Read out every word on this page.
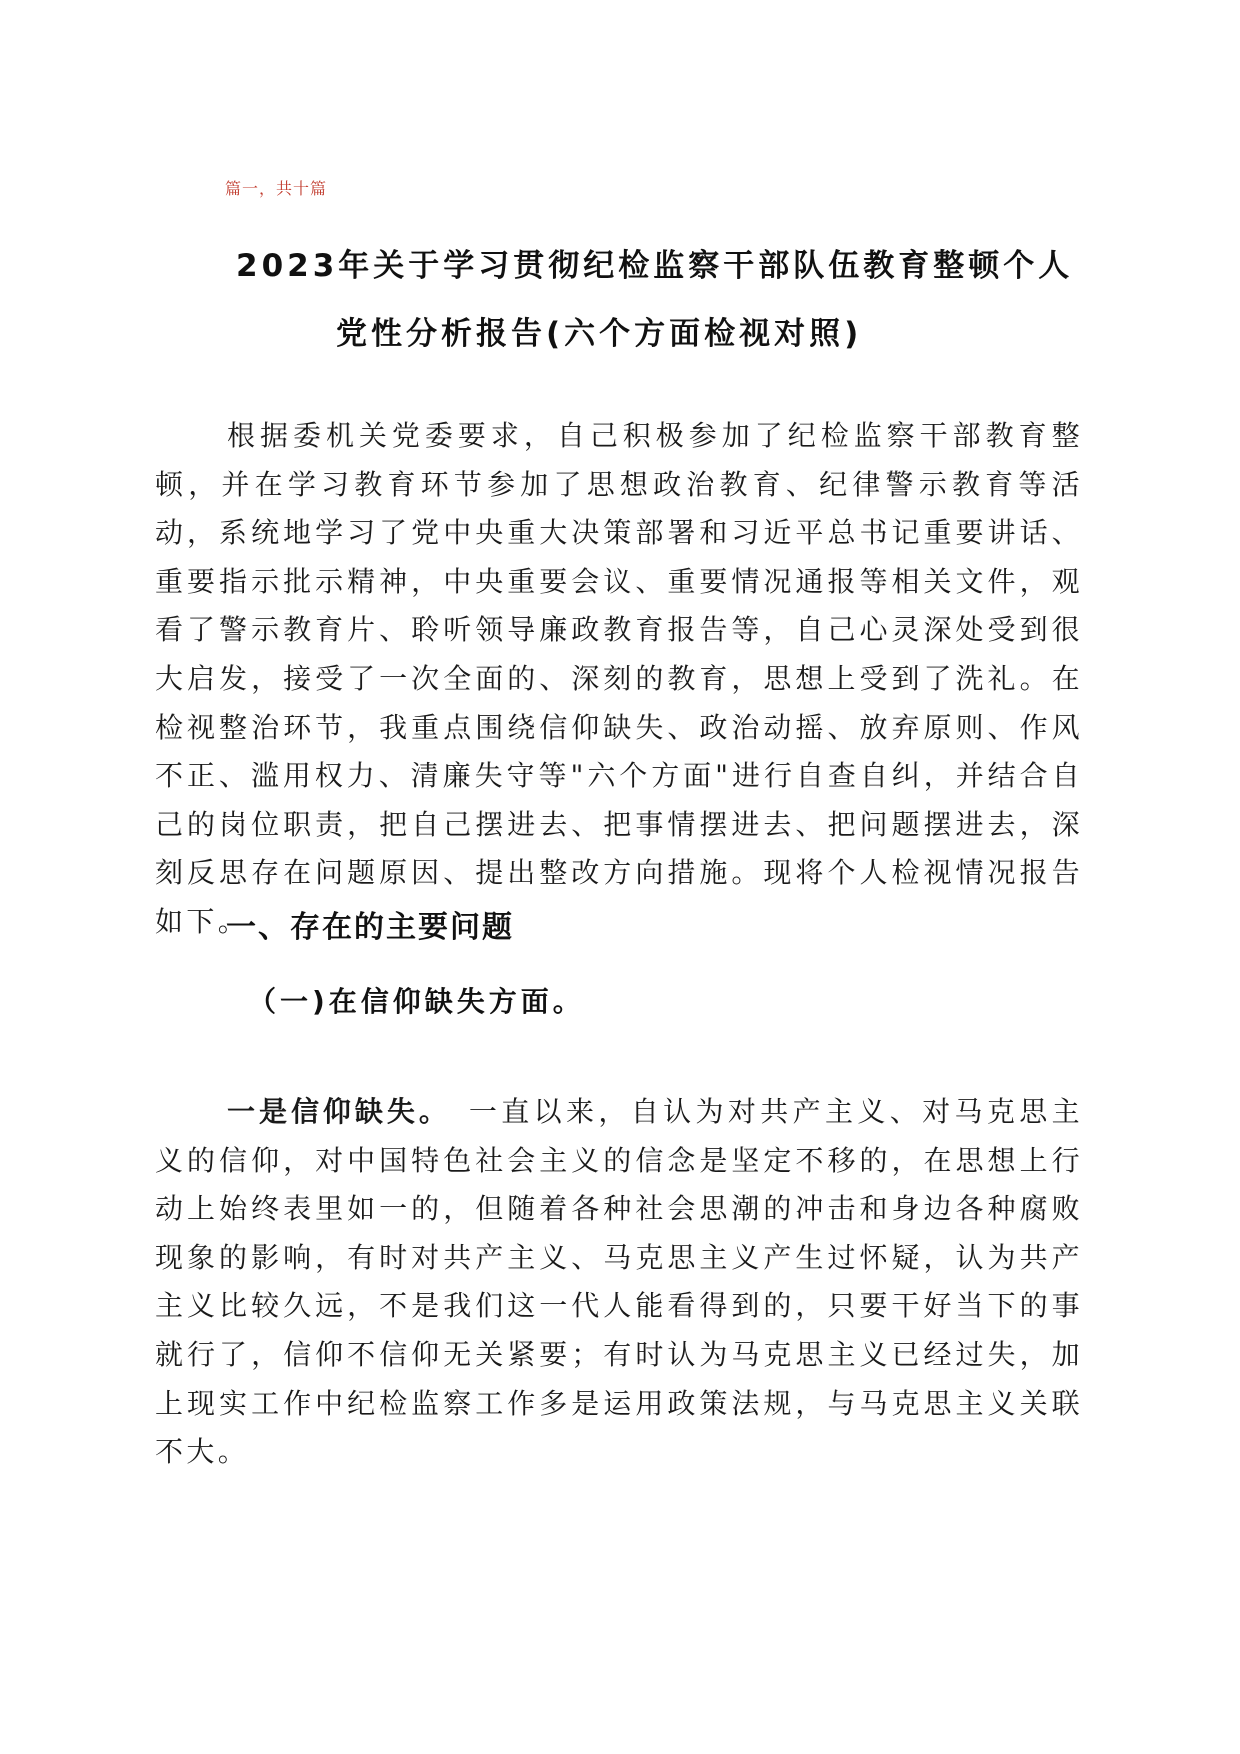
篇一，共十篇
2023年关于学习贯彻纪检监察干部队伍教育整顿个人
党性分析报告(六个方面检视对照)

根据委机关党委要求，自己积极参加了纪检监察干部教育整顿，并在学习教育环节参加了思想政治教育、纪律警示教育等活动，系统地学习了党中央重大决策部署和习近平总书记重要讲话、重要指示批示精神，中央重要会议、重要情况通报等相关文件，观看了警示教育片、聆听领导廉政教育报告等，自己心灵深处受到很大启发，接受了一次全面的、深刻的教育，思想上受到了洗礼。在检视整治环节，我重点围绕信仰缺失、政治动摇、放弃原则、作风不正、滥用权力、清廉失守等"六个方面"进行自查自纠，并结合自己的岗位职责，把自己摆进去、把事情摆进去、把问题摆进去，深刻反思存在问题原因、提出整改方向措施。现将个人检视情况报告如下。

一、存在的主要问题
（一)在信仰缺失方面。

一是信仰缺失。 一直以来，自认为对共产主义、对马克思主义的信仰，对中国特色社会主义的信念是坚定不移的，在思想上行动上始终表里如一的，但随着各种社会思潮的冲击和身边各种腐败现象的影响，有时对共产主义、马克思主义产生过怀疑，认为共产主义比较久远，不是我们这一代人能看得到的，只要干好当下的事就行了，信仰不信仰无关紧要；有时认为马克思主义已经过失，加上现实工作中纪检监察工作多是运用政策法规，与马克思主义关联不大。
